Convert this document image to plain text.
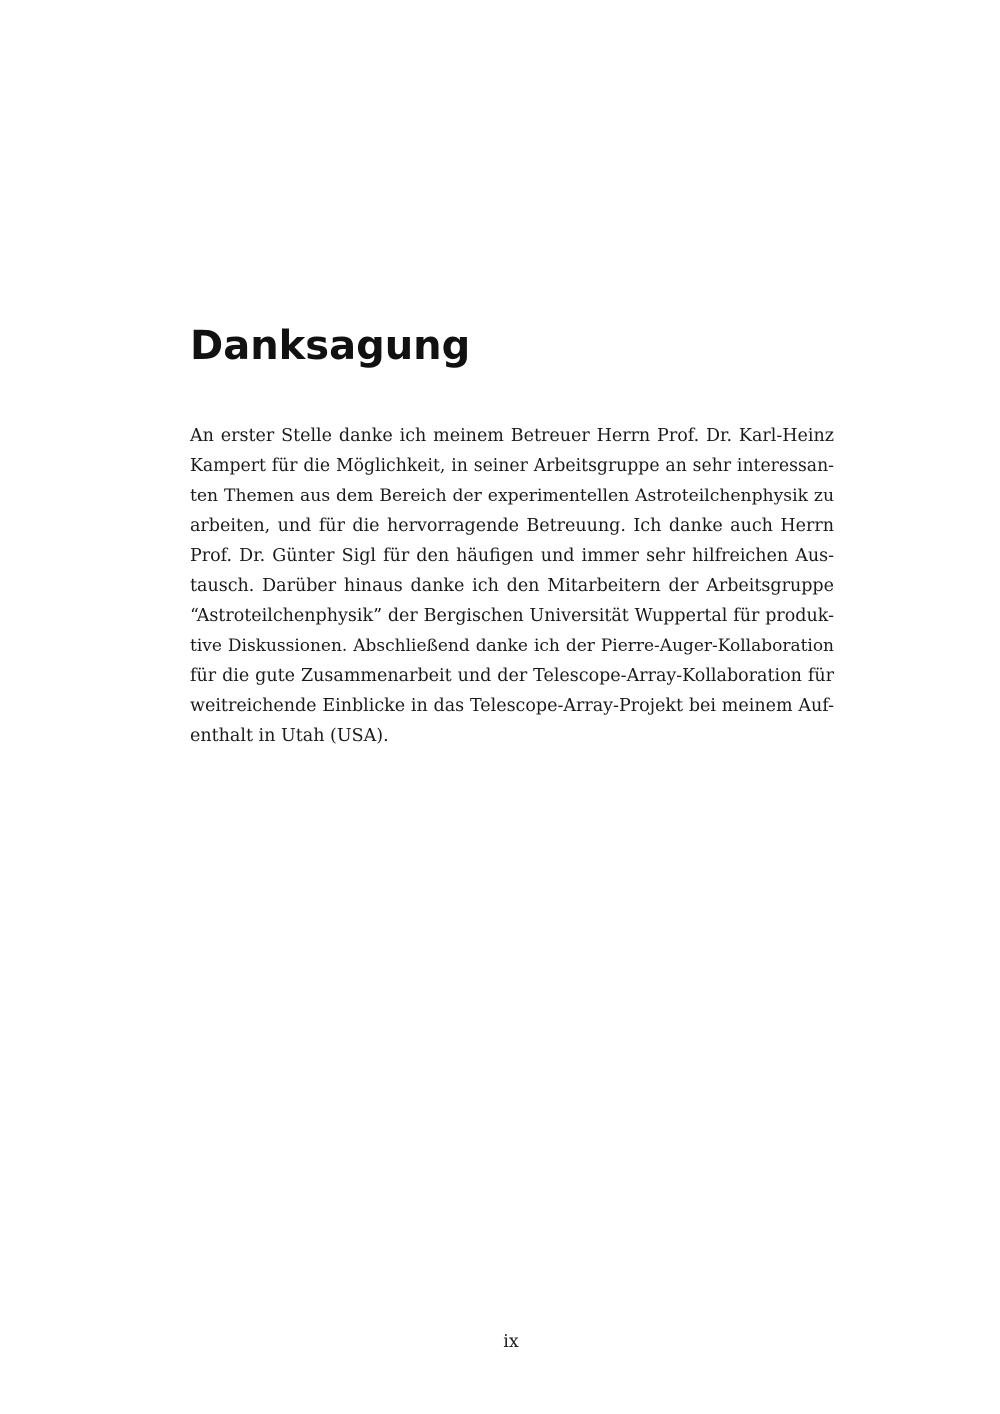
Danksagung
An erster Stelle danke ich meinem Betreuer Herrn Prof. Dr. Karl-Heinz
Kampert für die Möglichkeit, in seiner Arbeitsgruppe an sehr interessan-
ten Themen aus dem Bereich der experimentellen Astroteilchenphysik zu
arbeiten, und für die hervorragende Betreuung. Ich danke auch Herrn
Prof. Dr. Günter Sigl für den häufigen und immer sehr hilfreichen Aus-
tausch. Darüber hinaus danke ich den Mitarbeitern der Arbeitsgruppe
“Astroteilchenphysik” der Bergischen Universität Wuppertal für produk-
tive Diskussionen. Abschließend danke ich der Pierre-Auger-Kollaboration
für die gute Zusammenarbeit und der Telescope-Array-Kollaboration für
weitreichende Einblicke in das Telescope-Array-Projekt bei meinem Auf-
enthalt in Utah (USA).
ix
